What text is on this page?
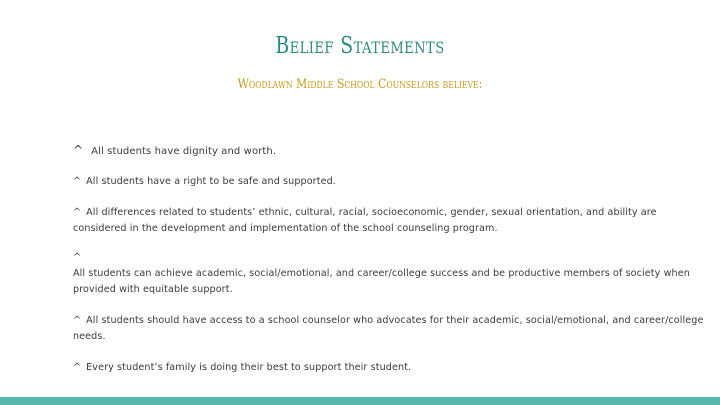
Belief Statements
Woodlawn Middle School Counselors believe:
^ All students have dignity and worth.
^ All students have a right to be safe and supported.
^ All differences related to students’ ethnic, cultural, racial, socioeconomic, gender, sexual orientation, and ability are considered in the development and implementation of the school counseling program.
^
All students can achieve academic, social/emotional, and career/college success and be productive members of society when provided with equitable support.
^ All students should have access to a school counselor who advocates for their academic, social/emotional, and career/college needs.
^ Every student’s family is doing their best to support their student.
